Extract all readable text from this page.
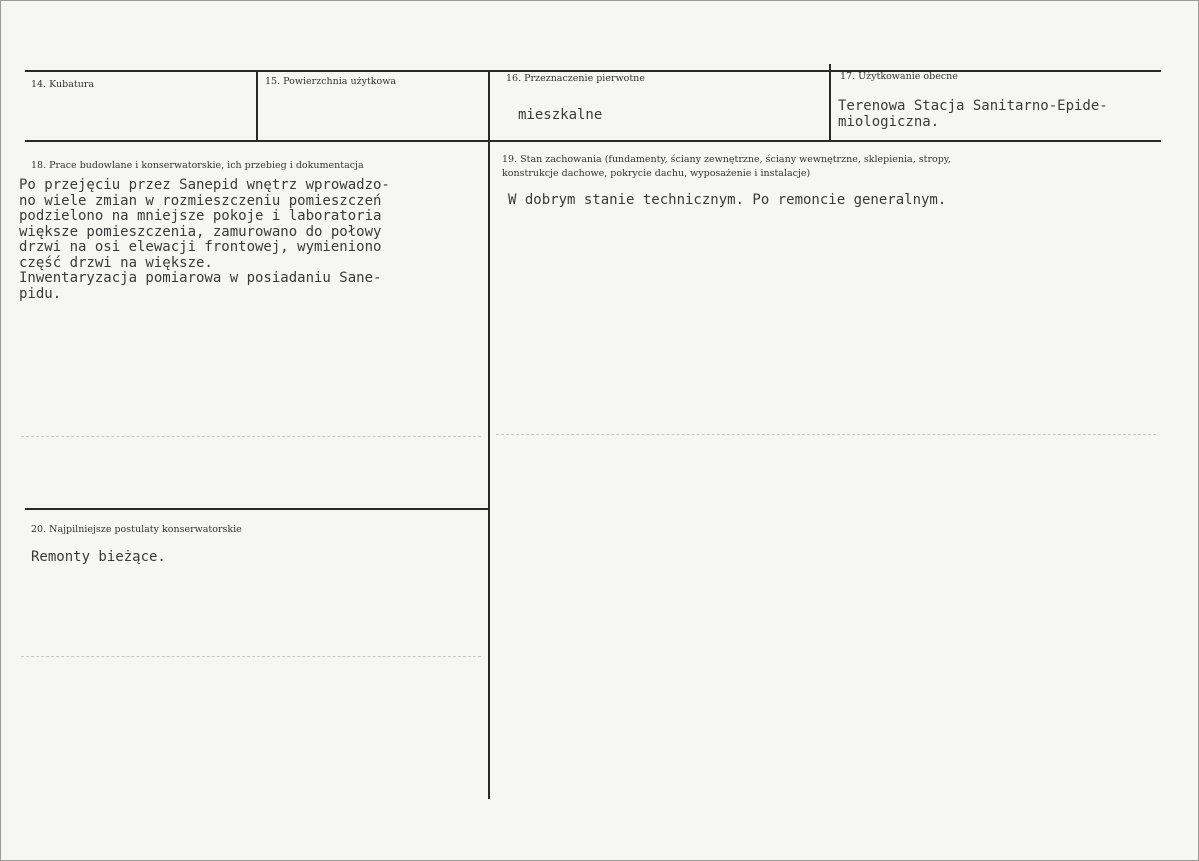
14. Kubatura	15. Powierzchnia użytkowa	16. Przeznaczenie pierwotne
mieszkalne
17. Użytkowanie obecne
Terenowa Stacja Sanitarno-Epide-
miologiczna.
18. Prace budowlane i konserwatorskie, ich przebieg i dokumentacja
Po przejęciu przez Sanepid wnętrz wprowadzo-
no wiele zmian w rozmieszczeniu pomieszczeń
podzielono na mniejsze pokoje i laboratoria
większe pomieszczenia, zamurowano do połowy
drzwi na osi elewacji frontowej, wymieniono
część drzwi na większe.
Inwentaryzacja pomiarowa w posiadaniu Sane-
pidu.
19. Stan zachowania (fundamenty, ściany zewnętrzne, ściany wewnętrzne, sklepienia, stropy,
konstrukcje dachowe, pokrycie dachu, wyposażenie i instalacje)
W dobrym stanie technicznym. Po remoncie generalnym.
20. Najpilniejsze postulaty konserwatorskie
Remonty bieżące.
